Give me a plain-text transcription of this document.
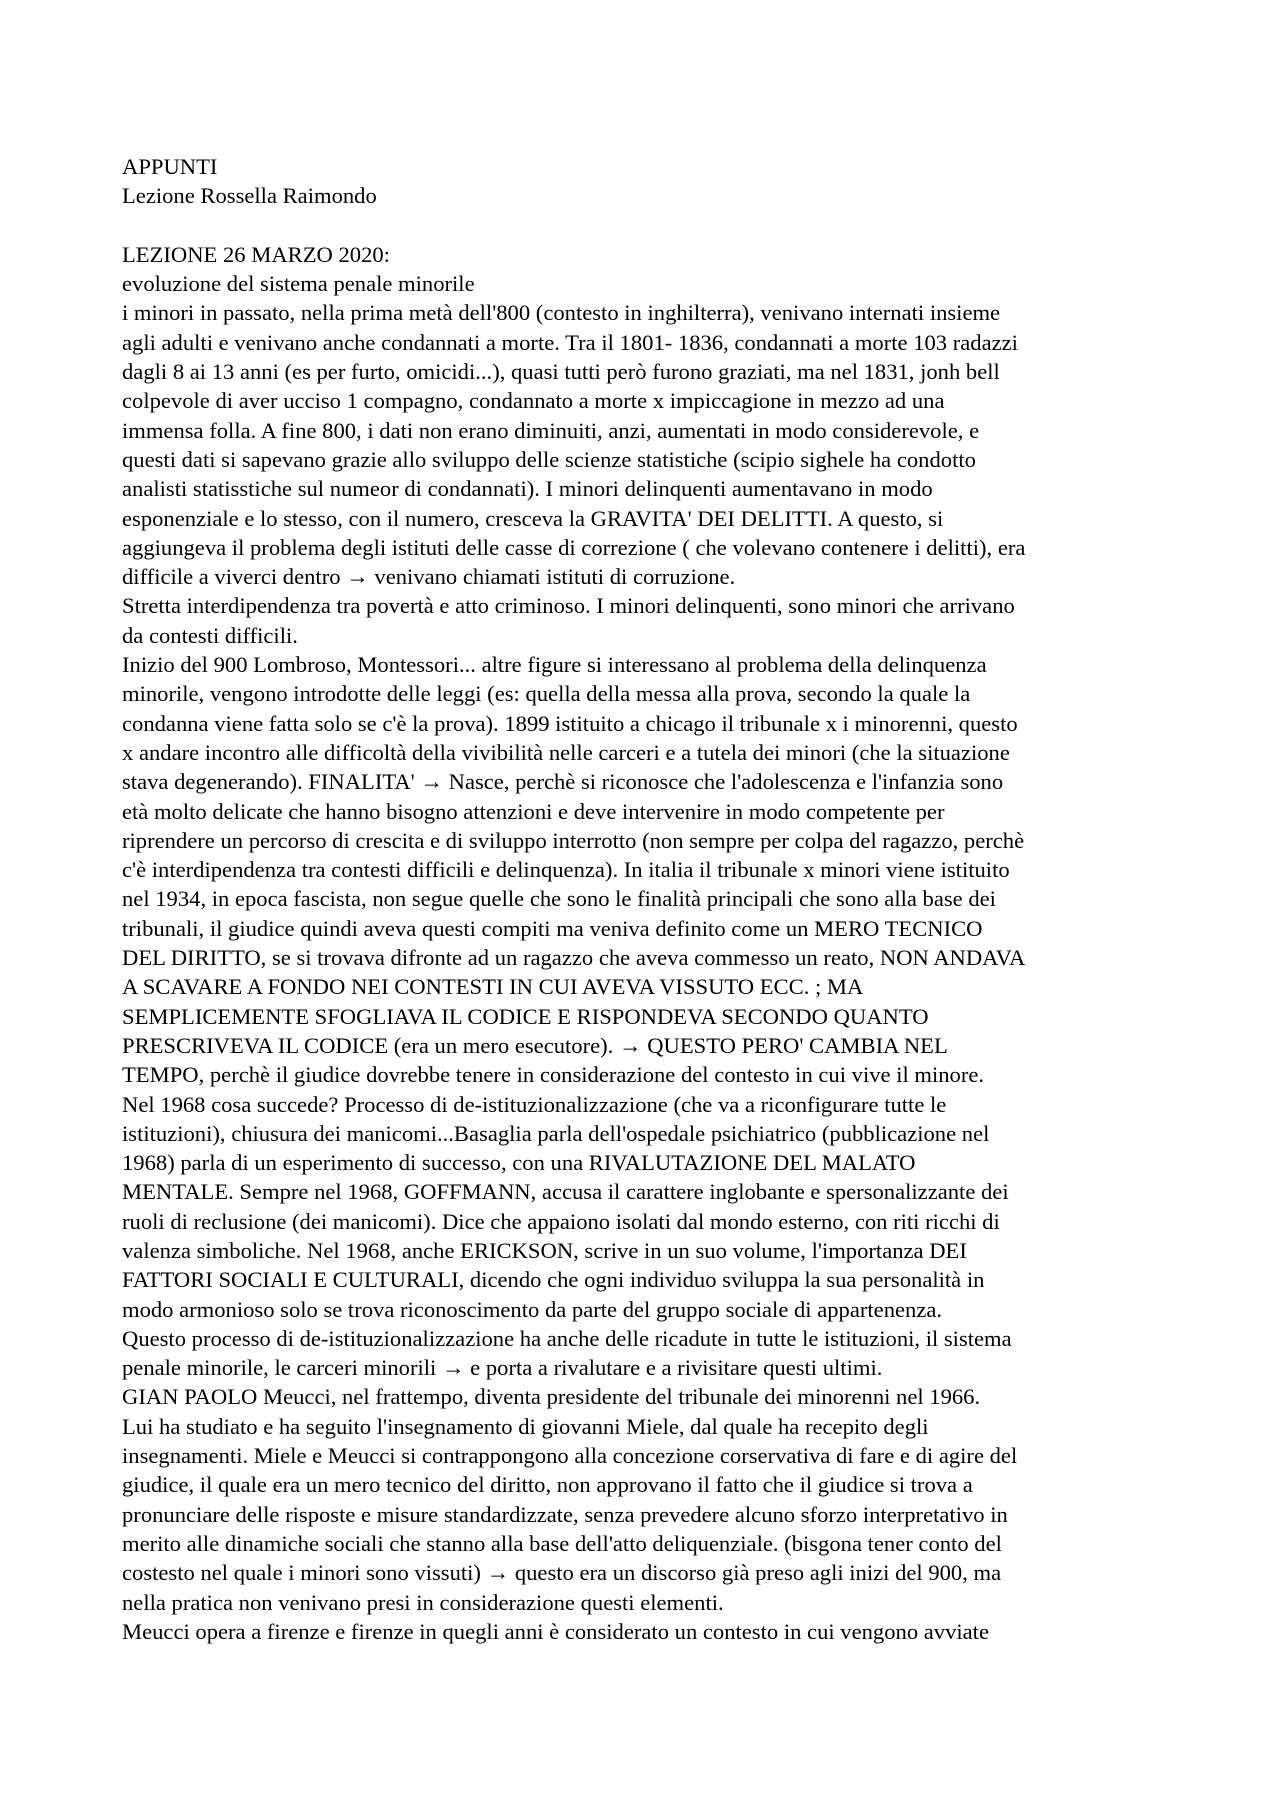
APPUNTI
Lezione Rossella Raimondo
LEZIONE 26 MARZO 2020:
evoluzione del sistema penale minorile
i minori in passato, nella prima metà dell'800 (contesto in inghilterra), venivano internati insieme
agli adulti e venivano anche condannati a morte. Tra il 1801- 1836, condannati a morte 103 radazzi
dagli 8 ai 13 anni (es per furto, omicidi...), quasi tutti però furono graziati, ma nel 1831, jonh bell
colpevole di aver ucciso 1 compagno, condannato a morte x impiccagione in mezzo ad una
immensa folla. A fine 800, i dati non erano diminuiti, anzi, aumentati in modo considerevole, e
questi dati si sapevano grazie allo sviluppo delle scienze statistiche (scipio sighele ha condotto
analisti statisstiche sul numeor di condannati). I minori delinquenti aumentavano in modo
esponenziale e lo stesso, con il numero, cresceva la GRAVITA' DEI DELITTI. A questo, si
aggiungeva il problema degli istituti delle casse di correzione ( che volevano contenere i delitti), era
difficile a viverci dentro → venivano chiamati istituti di corruzione.
Stretta interdipendenza tra povertà e atto criminoso. I minori delinquenti, sono minori che arrivano
da contesti difficili.
Inizio del 900 Lombroso, Montessori... altre figure si interessano al problema della delinquenza
minorile, vengono introdotte delle leggi (es: quella della messa alla prova, secondo la quale la
condanna viene fatta solo se c'è la prova). 1899 istituito a chicago il tribunale x i minorenni, questo
x andare incontro alle difficoltà della vivibilità nelle carceri e a tutela dei minori (che la situazione
stava degenerando). FINALITA' → Nasce, perchè si riconosce che l'adolescenza e l'infanzia sono
età molto delicate che hanno bisogno attenzioni e deve intervenire in modo competente per
riprendere un percorso di crescita e di sviluppo interrotto (non sempre per colpa del ragazzo, perchè
c'è interdipendenza tra contesti difficili e delinquenza). In italia il tribunale x minori viene istituito
nel 1934, in epoca fascista, non segue quelle che sono le finalità principali che sono alla base dei
tribunali, il giudice quindi aveva questi compiti ma veniva definito come un MERO TECNICO
DEL DIRITTO, se si trovava difronte ad un ragazzo che aveva commesso un reato, NON ANDAVA
A SCAVARE A FONDO NEI CONTESTI IN CUI AVEVA VISSUTO ECC. ; MA
SEMPLICEMENTE SFOGLIAVA IL CODICE E RISPONDEVA SECONDO QUANTO
PRESCRIVEVA IL CODICE (era un mero esecutore). → QUESTO PERO' CAMBIA NEL
TEMPO, perchè il giudice dovrebbe tenere in considerazione del contesto in cui vive il minore.
Nel 1968 cosa succede? Processo di de-istituzionalizzazione (che va a riconfigurare tutte le
istituzioni), chiusura dei manicomi...Basaglia parla dell'ospedale psichiatrico (pubblicazione nel
1968) parla di un esperimento di successo, con una RIVALUTAZIONE DEL MALATO
MENTALE. Sempre nel 1968, GOFFMANN, accusa il carattere inglobante e spersonalizzante dei
ruoli di reclusione (dei manicomi). Dice che appaiono isolati dal mondo esterno, con riti ricchi di
valenza simboliche. Nel 1968, anche ERICKSON, scrive in un suo volume, l'importanza DEI
FATTORI SOCIALI E CULTURALI, dicendo che ogni individuo sviluppa la sua personalità in
modo armonioso solo se trova riconoscimento da parte del gruppo sociale di appartenenza.
Questo processo di de-istituzionalizzazione ha anche delle ricadute in tutte le istituzioni, il sistema
penale minorile, le carceri minorili → e porta a rivalutare e a rivisitare questi ultimi.
GIAN PAOLO Meucci, nel frattempo, diventa presidente del tribunale dei minorenni nel 1966.
Lui ha studiato e ha seguito l'insegnamento di giovanni Miele, dal quale ha recepito degli
insegnamenti. Miele e Meucci si contrappongono alla concezione corservativa di fare e di agire del
giudice, il quale era un mero tecnico del diritto, non approvano il fatto che il giudice si trova a
pronunciare delle risposte e misure standardizzate, senza prevedere alcuno sforzo interpretativo in
merito alle dinamiche sociali che stanno alla base dell'atto deliquenziale. (bisgona tener conto del
costesto nel quale i minori sono vissuti) → questo era un discorso già preso agli inizi del 900, ma
nella pratica non venivano presi in considerazione questi elementi.
Meucci opera a firenze e firenze in quegli anni è considerato un contesto in cui vengono avviate
